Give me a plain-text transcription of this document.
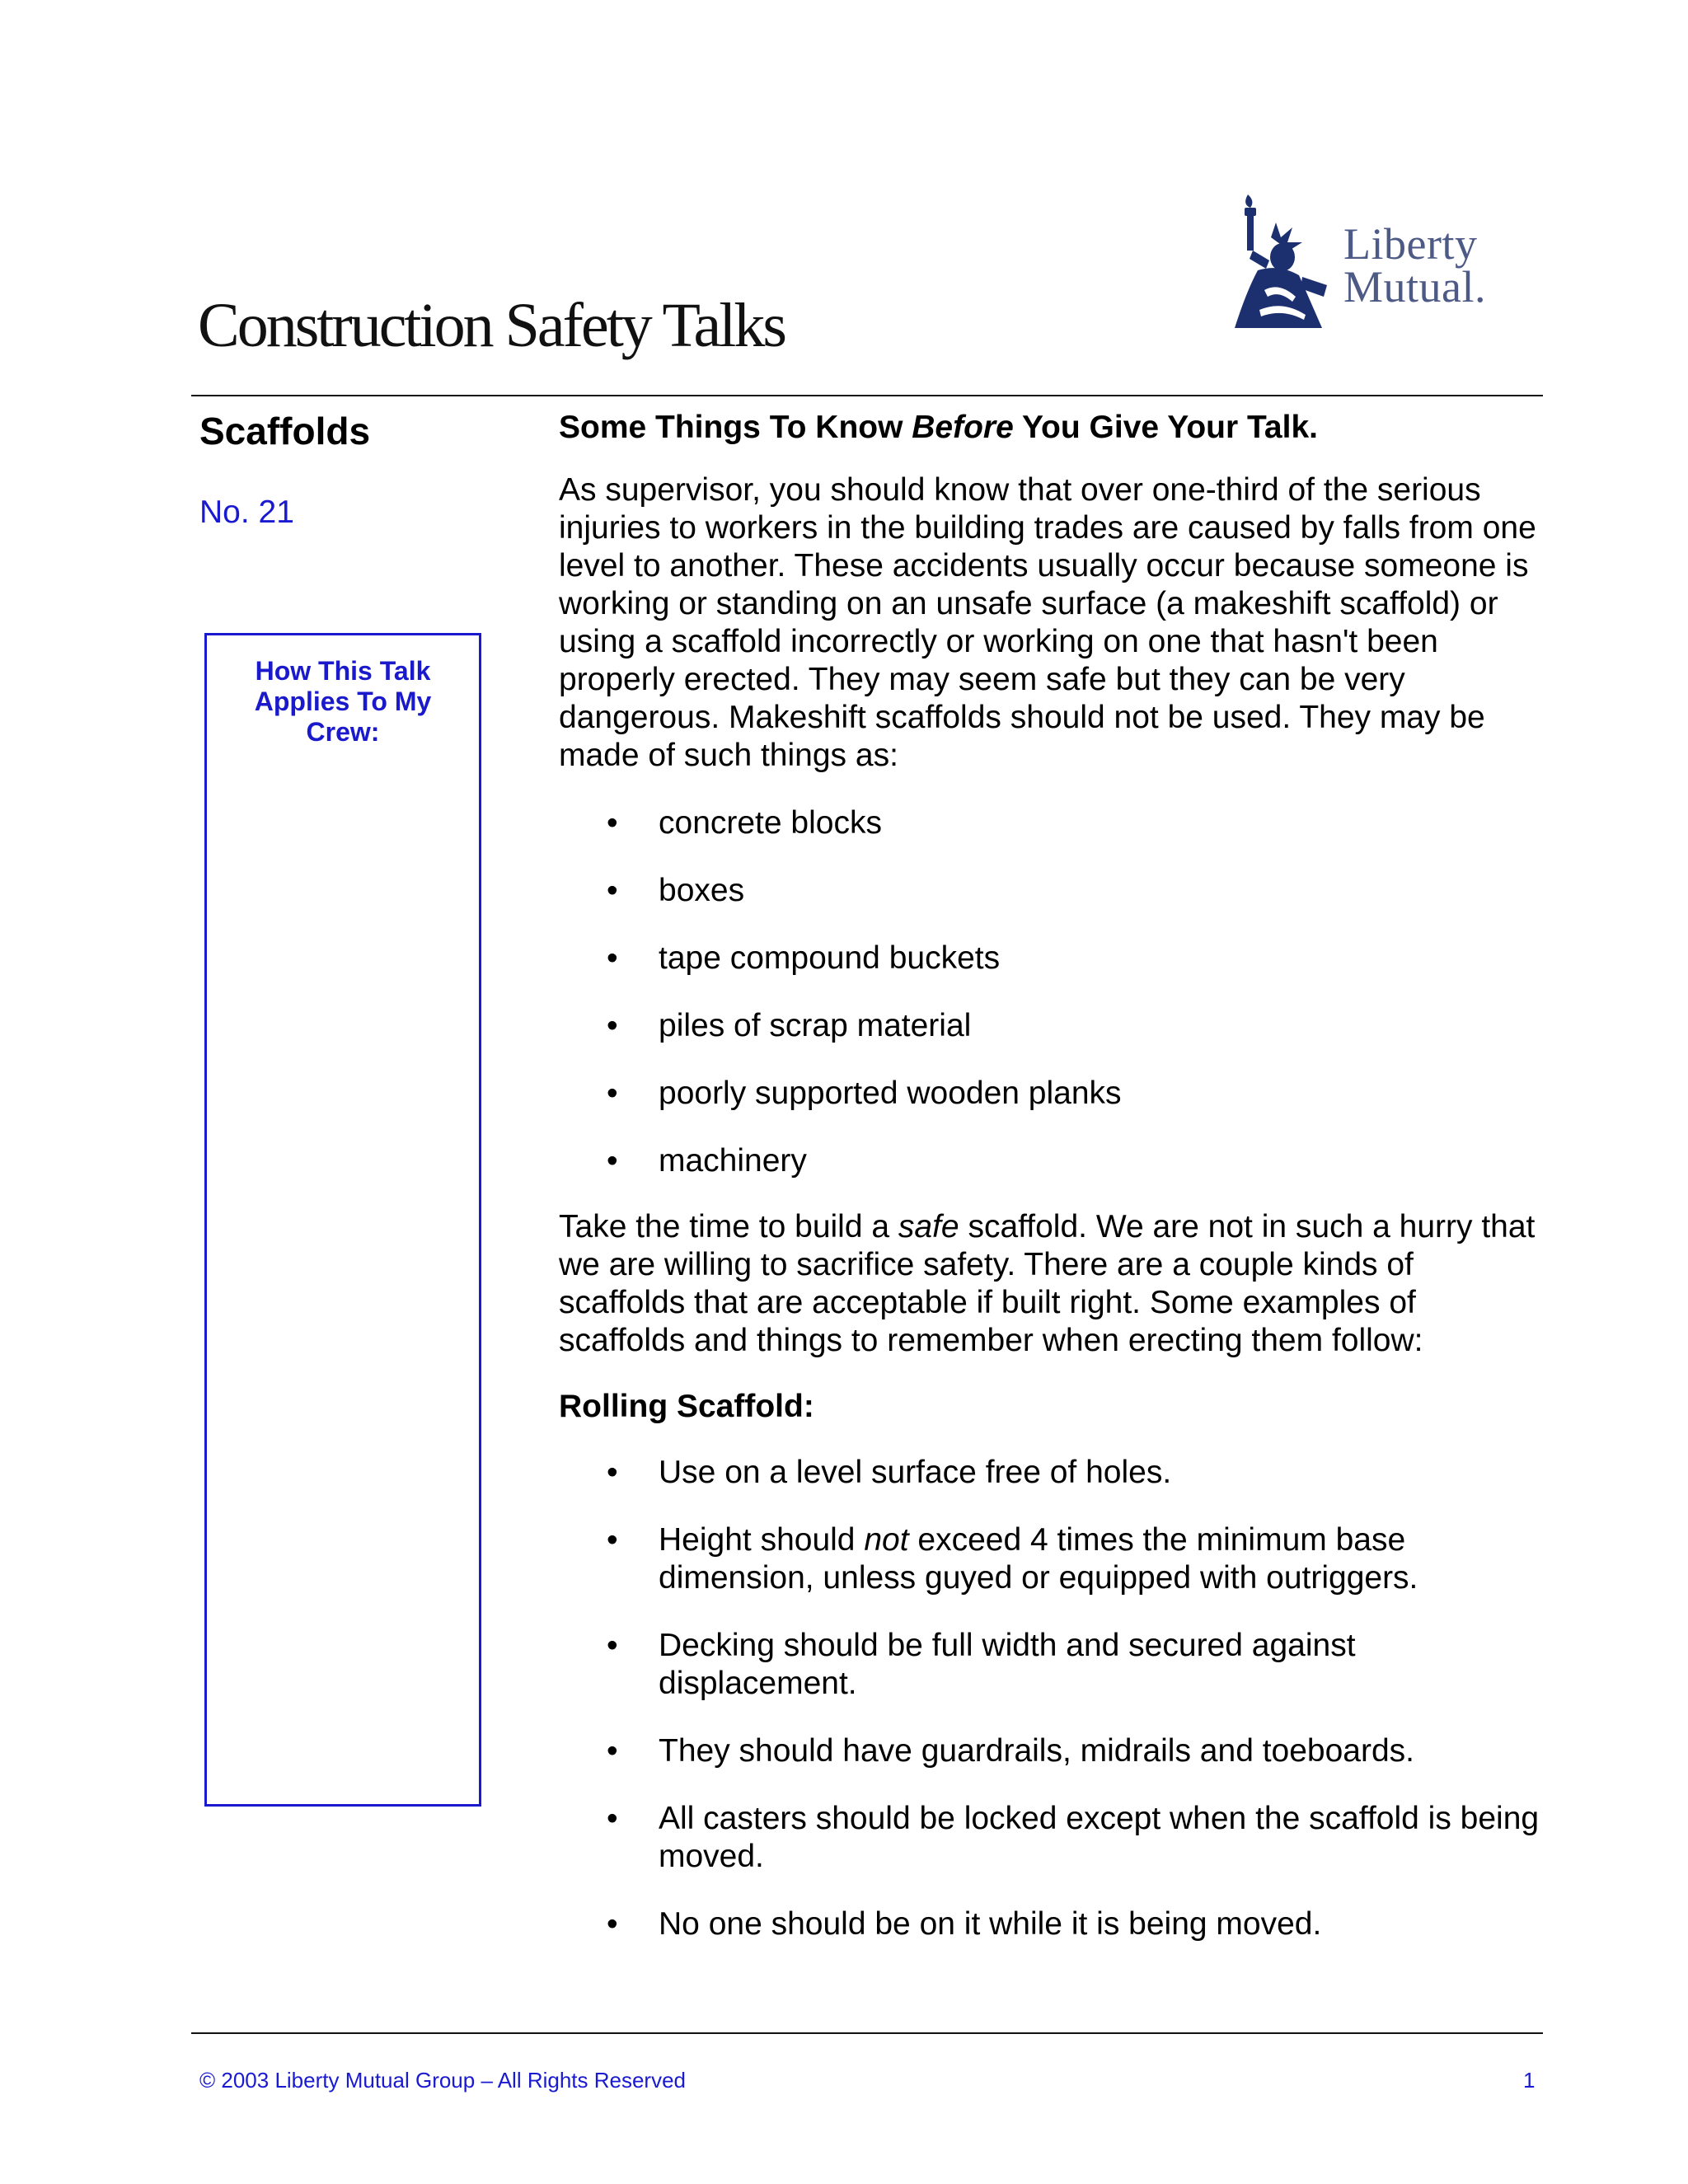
Construction Safety Talks
Liberty
Mutual.
Scaffolds
No. 21
How This Talk Applies To My Crew:

Some Things To Know Before You Give Your Talk.

As supervisor, you should know that over one-third of the serious injuries to workers in the building trades are caused by falls from one level to another. These accidents usually occur because someone is working or standing on an unsafe surface (a makeshift scaffold) or using a scaffold incorrectly or working on one that hasn't been properly erected. They may seem safe but they can be very dangerous. Makeshift scaffolds should not be used. They may be made of such things as:

• concrete blocks
• boxes
• tape compound buckets
• piles of scrap material
• poorly supported wooden planks
• machinery

Take the time to build a safe scaffold. We are not in such a hurry that we are willing to sacrifice safety. There are a couple kinds of scaffolds that are acceptable if built right. Some examples of scaffolds and things to remember when erecting them follow:

Rolling Scaffold:

• Use on a level surface free of holes.
• Height should not exceed 4 times the minimum base dimension, unless guyed or equipped with outriggers.
• Decking should be full width and secured against displacement.
• They should have guardrails, midrails and toeboards.
• All casters should be locked except when the scaffold is being moved.
• No one should be on it while it is being moved.
© 2003 Liberty Mutual Group – All Rights Reserved	1
